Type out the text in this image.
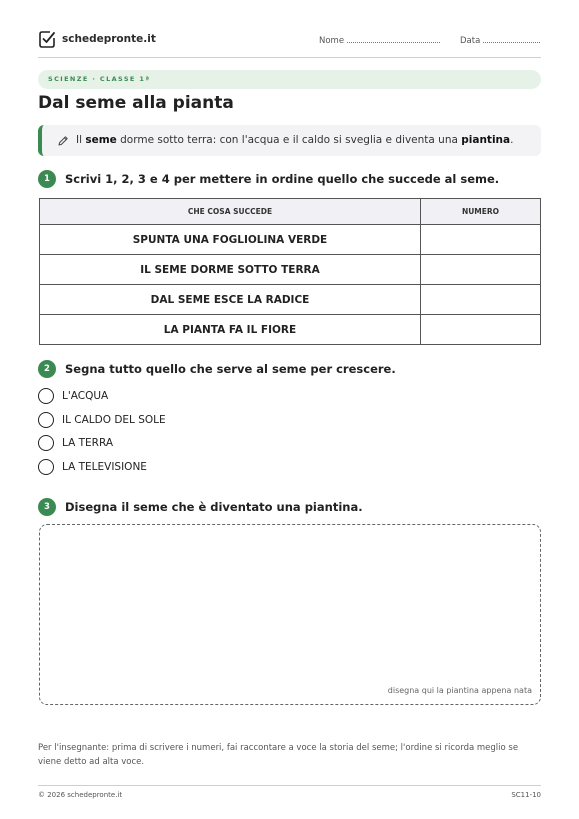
schedepronte.it	Nome	Data
SCIENZE · CLASSE 1ª
Dal seme alla pianta

Il seme dorme sotto terra: con l'acqua e il caldo si sveglia e diventa una piantina.

1	Scrivi 1, 2, 3 e 4 per mettere in ordine quello che succede al seme.
CHE COSA SUCCEDE	NUMERO
SPUNTA UNA FOGLIOLINA VERDE	
IL SEME DORME SOTTO TERRA	
DAL SEME ESCE LA RADICE	
LA PIANTA FA IL FIORE	
2	Segna tutto quello che serve al seme per crescere.
L'ACQUA
IL CALDO DEL SOLE
LA TERRA
LA TELEVISIONE
3	Disegna il seme che è diventato una piantina.
disegna qui la piantina appena nata

Per l'insegnante: prima di scrivere i numeri, fai raccontare a voce la storia del seme; l'ordine si ricorda meglio se viene detto ad alta voce.

© 2026 schedepronte.it	SC11-10
